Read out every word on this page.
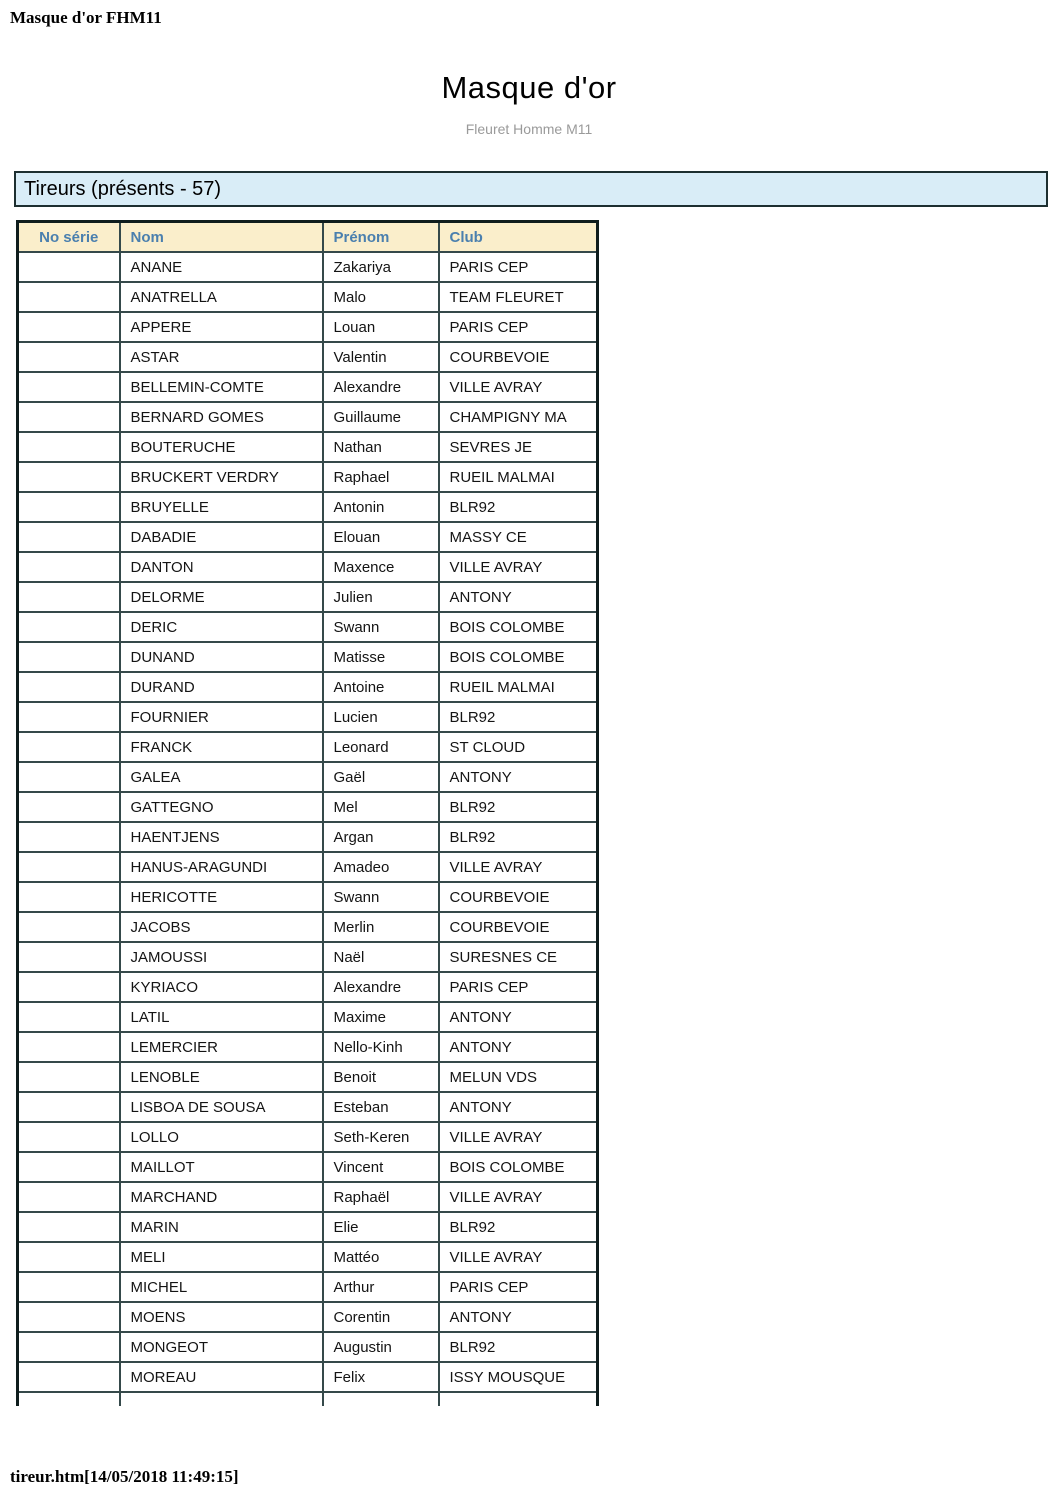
Masque d'or FHM11
Masque d'or
Fleuret Homme M11
Tireurs (présents - 57)
No série	Nom	Prénom	Club
	ANANE	Zakariya	PARIS CEP
	ANATRELLA	Malo	TEAM FLEURET
	APPERE	Louan	PARIS CEP
	ASTAR	Valentin	COURBEVOIE
	BELLEMIN-COMTE	Alexandre	VILLE AVRAY
	BERNARD GOMES	Guillaume	CHAMPIGNY MA
	BOUTERUCHE	Nathan	SEVRES JE
	BRUCKERT VERDRY	Raphael	RUEIL MALMAI
	BRUYELLE	Antonin	BLR92
	DABADIE	Elouan	MASSY CE
	DANTON	Maxence	VILLE AVRAY
	DELORME	Julien	ANTONY
	DERIC	Swann	BOIS COLOMBE
	DUNAND	Matisse	BOIS COLOMBE
	DURAND	Antoine	RUEIL MALMAI
	FOURNIER	Lucien	BLR92
	FRANCK	Leonard	ST CLOUD
	GALEA	Gaël	ANTONY
	GATTEGNO	Mel	BLR92
	HAENTJENS	Argan	BLR92
	HANUS-ARAGUNDI	Amadeo	VILLE AVRAY
	HERICOTTE	Swann	COURBEVOIE
	JACOBS	Merlin	COURBEVOIE
	JAMOUSSI	Naël	SURESNES CE
	KYRIACO	Alexandre	PARIS CEP
	LATIL	Maxime	ANTONY
	LEMERCIER	Nello-Kinh	ANTONY
	LENOBLE	Benoit	MELUN VDS
	LISBOA DE SOUSA	Esteban	ANTONY
	LOLLO	Seth-Keren	VILLE AVRAY
	MAILLOT	Vincent	BOIS COLOMBE
	MARCHAND	Raphaël	VILLE AVRAY
	MARIN	Elie	BLR92
	MELI	Mattéo	VILLE AVRAY
	MICHEL	Arthur	PARIS CEP
	MOENS	Corentin	ANTONY
	MONGEOT	Augustin	BLR92
	MOREAU	Felix	ISSY MOUSQUE

tireur.htm[14/05/2018 11:49:15]
